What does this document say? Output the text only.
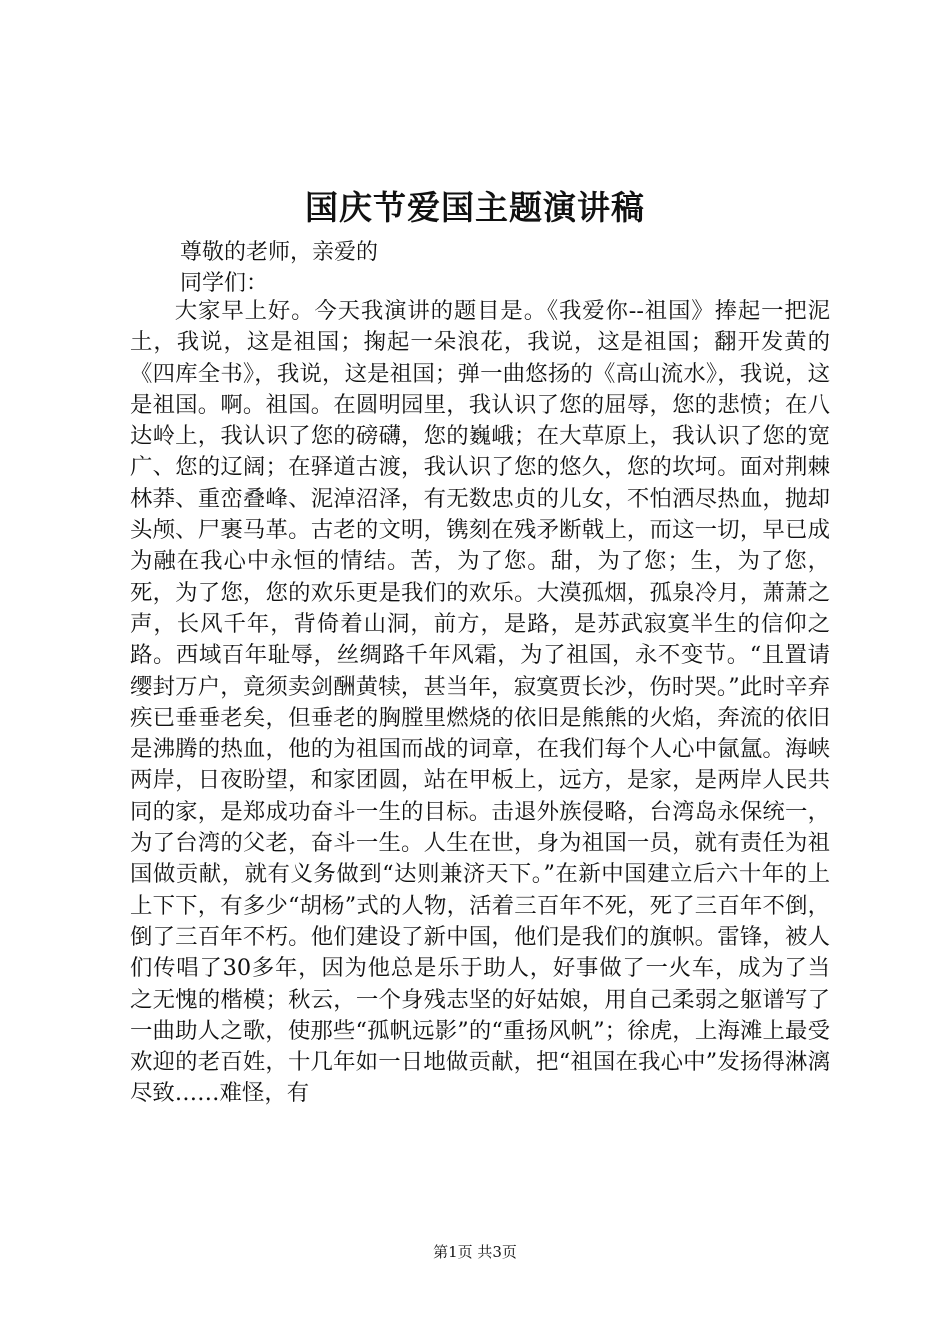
国庆节爱国主题演讲稿

尊敬的老师，亲爱的

同学们：

大家早上好。今天我演讲的题目是。《我爱你--祖国》捧起一把泥土，我说，这是祖国；掬起一朵浪花，我说，这是祖国；翻开发黄的《四库全书》，我说，这是祖国；弹一曲悠扬的《高山流水》，我说，这是祖国。啊。祖国。在圆明园里，我认识了您的屈辱，您的悲愤；在八达岭上，我认识了您的磅礴，您的巍峨；在大草原上，我认识了您的宽广、您的辽阔；在驿道古渡，我认识了您的悠久，您的坎坷。面对荆棘林莽、重峦叠峰、泥淖沼泽，有无数忠贞的儿女，不怕洒尽热血，抛却头颅、尸裹马革。古老的文明，镌刻在残矛断戟上，而这一切，早已成为融在我心中永恒的情结。苦，为了您。甜，为了您；生，为了您，死，为了您，您的欢乐更是我们的欢乐。大漠孤烟，孤泉冷月，萧萧之声，长风千年，背倚着山洞，前方，是路，是苏武寂寞半生的信仰之路。西域百年耻辱，丝绸路千年风霜，为了祖国，永不变节。“且置请缨封万户，竟须卖剑酬黄犊，甚当年，寂寞贾长沙，伤时哭。”此时辛弃疾已垂垂老矣，但垂老的胸膛里燃烧的依旧是熊熊的火焰，奔流的依旧是沸腾的热血，他的为祖国而战的词章，在我们每个人心中氤氲。海峡两岸，日夜盼望，和家团圆，站在甲板上，远方，是家，是两岸人民共同的家，是郑成功奋斗一生的目标。击退外族侵略，台湾岛永保统一，为了台湾的父老，奋斗一生。人生在世，身为祖国一员，就有责任为祖国做贡献，就有义务做到“达则兼济天下。”在新中国建立后六十年的上上下下，有多少“胡杨”式的人物，活着三百年不死，死了三百年不倒，倒了三百年不朽。他们建设了新中国，他们是我们的旗帜。雷锋，被人们传唱了30多年，因为他总是乐于助人，好事做了一火车，成为了当之无愧的楷模；秋云，一个身残志坚的好姑娘，用自己柔弱之躯谱写了一曲助人之歌，使那些“孤帆远影”的“重扬风帆”；徐虎，上海滩上最受欢迎的老百姓，十几年如一日地做贡献，把“祖国在我心中”发扬得淋漓尽致……难怪，有

第1页 共3页
